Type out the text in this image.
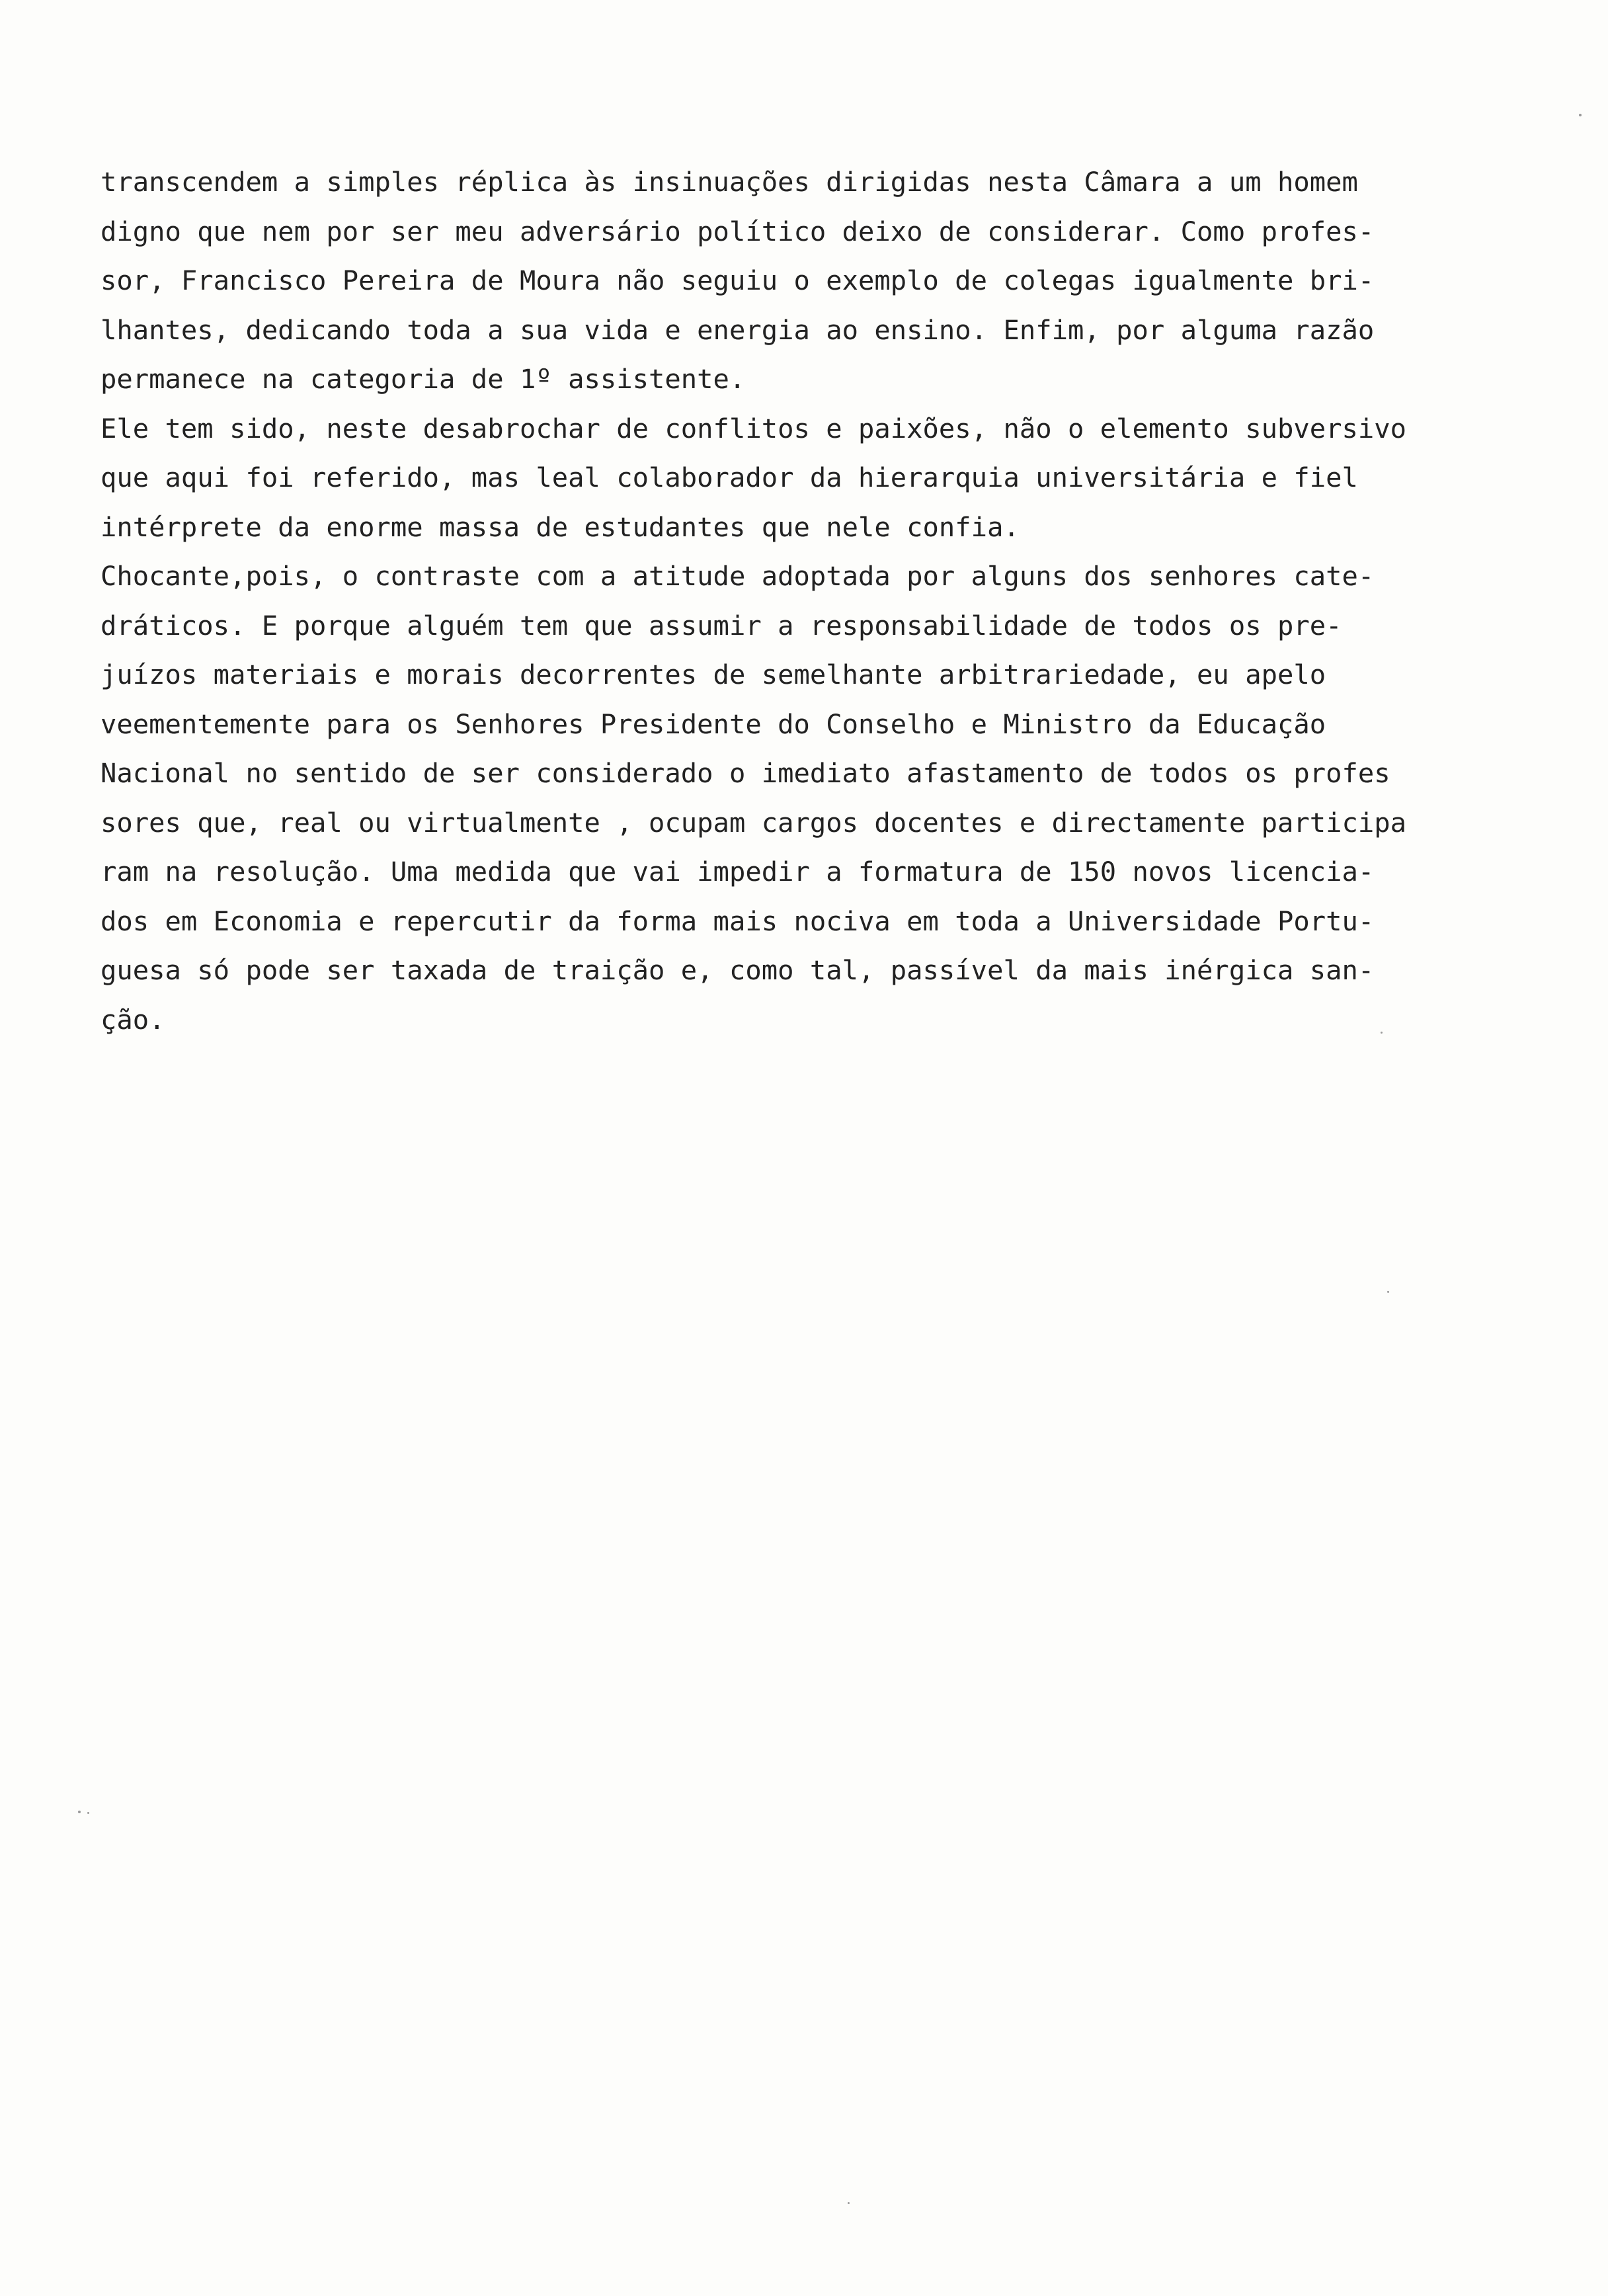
transcendem a simples réplica às insinuações dirigidas nesta Câmara a um homem
digno que nem por ser meu adversário político deixo de considerar. Como profes-
sor, Francisco Pereira de Moura não seguiu o exemplo de colegas igualmente bri-
lhantes, dedicando toda a sua vida e energia ao ensino. Enfim, por alguma razão
permanece na categoria de 1º assistente.
Ele tem sido, neste desabrochar de conflitos e paixões, não o elemento subversivo
que aqui foi referido, mas leal colaborador da hierarquia universitária e fiel
intérprete da enorme massa de estudantes que nele confia.
Chocante,pois, o contraste com a atitude adoptada por alguns dos senhores cate-
dráticos. E porque alguém tem que assumir a responsabilidade de todos os pre-
juízos materiais e morais decorrentes de semelhante arbitrariedade, eu apelo
veementemente para os Senhores Presidente do Conselho e Ministro da Educação
Nacional no sentido de ser considerado o imediato afastamento de todos os profes
sores que, real ou virtualmente , ocupam cargos docentes e directamente participa
ram na resolução. Uma medida que vai impedir a formatura de 150 novos licencia-
dos em Economia e repercutir da forma mais nociva em toda a Universidade Portu-
guesa só pode ser taxada de traição e, como tal, passível da mais inérgica san-
ção.
